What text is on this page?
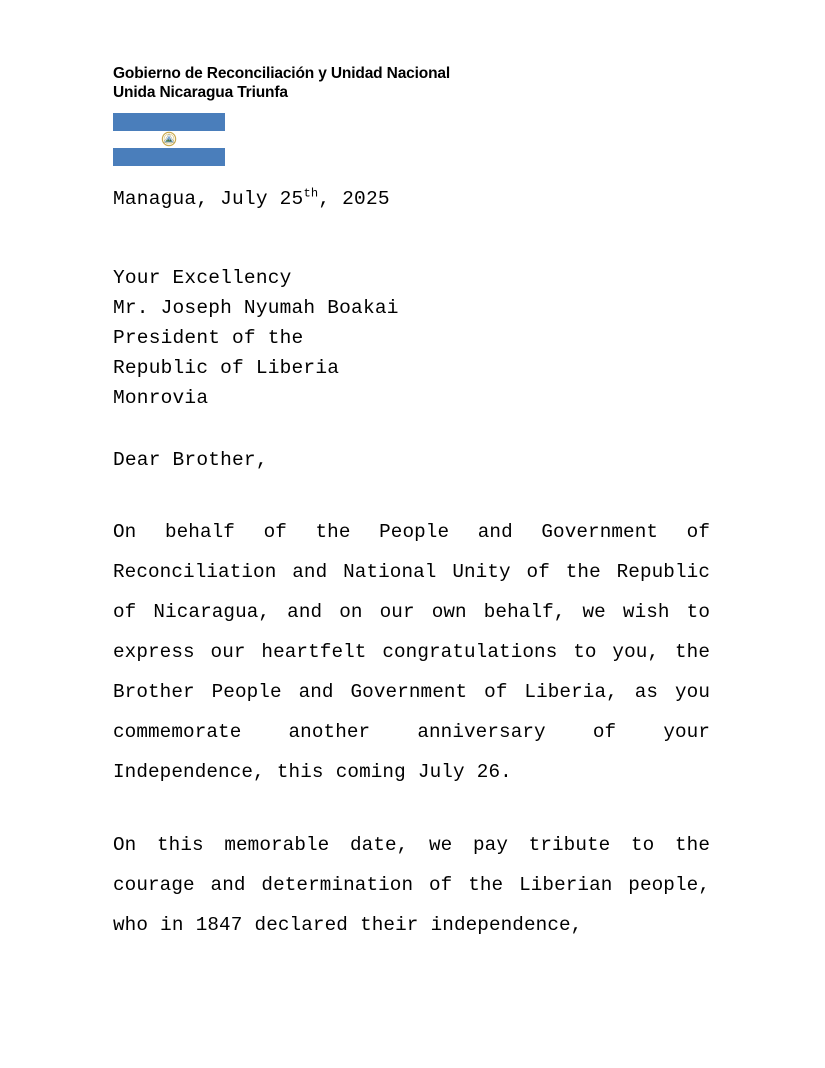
Gobierno de Reconciliación y Unidad Nacional
Unida Nicaragua Triunfa
Managua, July 25th, 2025
Your Excellency
Mr. Joseph Nyumah Boakai
President of the
Republic of Liberia
Monrovia
Dear Brother,
On behalf of the People and Government of Reconciliation and National Unity of the Republic of Nicaragua, and on our own behalf, we wish to express our heartfelt congratulations to you, the Brother People and Government of Liberia, as you commemorate another anniversary of your Independence, this coming July 26.
On this memorable date, we pay tribute to the courage and determination of the Liberian people, who in 1847 declared their independence,
